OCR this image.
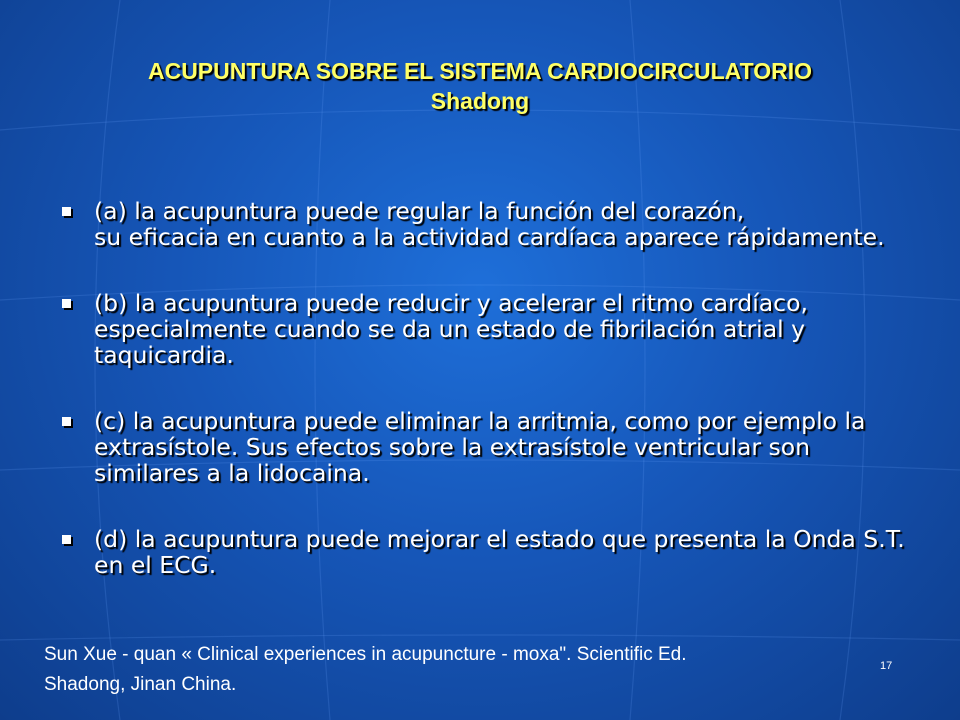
ACUPUNTURA SOBRE EL SISTEMA CARDIOCIRCULATORIO
Shadong
(a) la acupuntura puede regular la función del corazón,
su eficacia en cuanto a la actividad cardíaca aparece rápidamente.
(b) la acupuntura puede reducir y acelerar el ritmo cardíaco, especialmente cuando se da un estado de fibrilación atrial y taquicardia.
(c) la acupuntura puede eliminar la arritmia, como por ejemplo la extrasístole. Sus efectos sobre la extrasístole ventricular son similares a la lidocaina.
(d) la acupuntura puede mejorar el estado que presenta la Onda S.T. en el ECG.
Sun Xue - quan « Clinical experiences in acupuncture - moxa". Scientific Ed.
Shadong, Jinan China.
17
